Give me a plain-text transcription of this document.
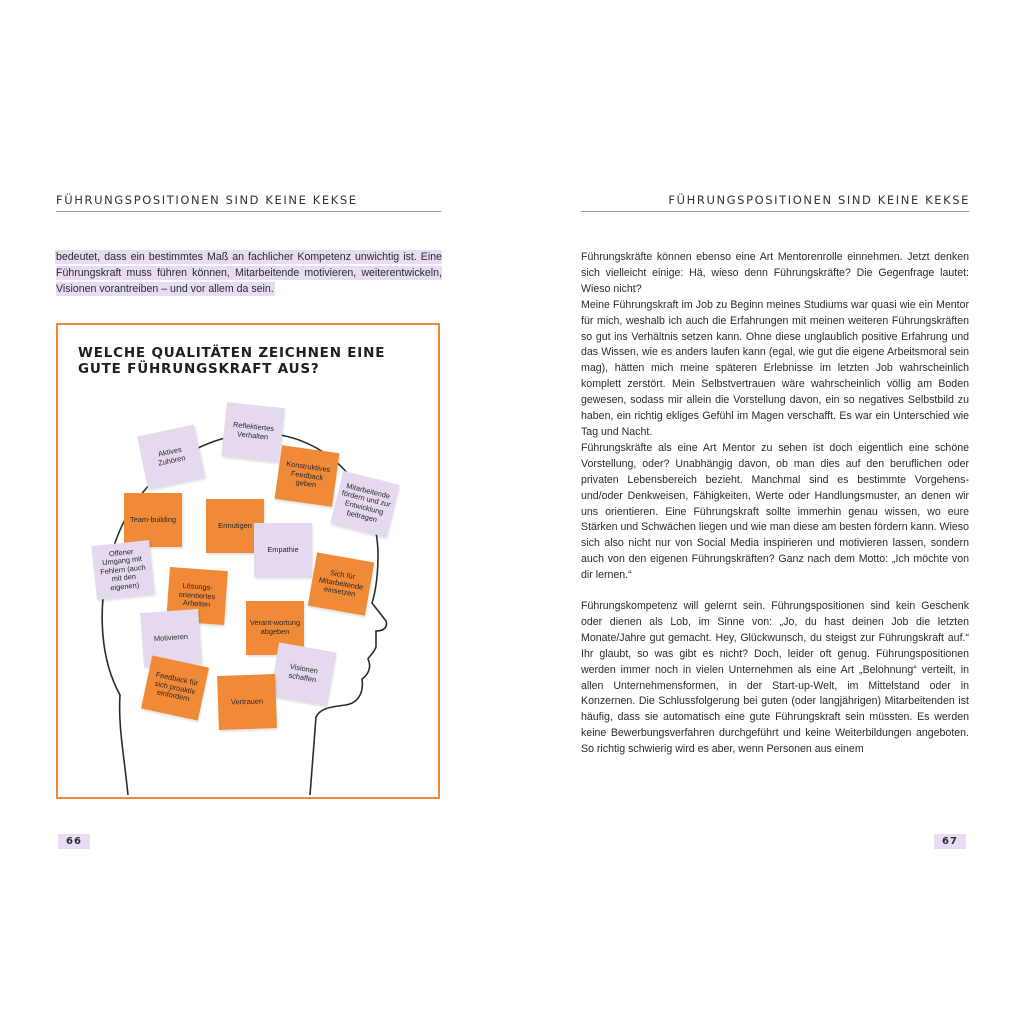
FÜHRUNGSPOSITIONEN SIND KEINE KEKSE	FÜHRUNGSPOSITIONEN SIND KEINE KEKSE

bedeutet, dass ein bestimmtes Maß an fachlicher Kompetenz unwichtig ist. Eine Führungskraft muss führen können, Mitarbeitende motivieren, weiterentwickeln, Visionen vorantreiben – und vor allem da sein.

WELCHE QUALITÄTEN ZEICHNEN EINE GUTE FÜHRUNGSKRAFT AUS?

Aktives Zuhören
Reflektiertes Verhalten
Konstruktives Feedback geben	Mitarbeitende fördern und zur Entwicklung beitragen
Team-building
Ermutigen
Empathie
Offener Umgang mit Fehlern (auch mit den eigenen)
Sich für Mitarbeitende einsetzen
Lösungs-orientiertes Arbeiten
Motivieren
Verant-wortung abgeben
Visionen schaffen
Feedback für sich proaktiv einfordern	Vertrauen
66

Führungskräfte können ebenso eine Art Mentorenrolle einnehmen. Jetzt denken sich vielleicht einige: Hä, wieso denn Führungskräfte? Die Gegenfrage lautet: Wieso nicht?

Meine Führungskraft im Job zu Beginn meines Studiums war quasi wie ein Mentor für mich, weshalb ich auch die Erfahrungen mit meinen weiteren Führungskräften so gut ins Verhältnis setzen kann. Ohne diese unglaublich positive Erfahrung und das Wissen, wie es anders laufen kann (egal, wie gut die eigene Arbeitsmoral sein mag), hätten mich meine späteren Erlebnisse im letzten Job wahrscheinlich komplett zerstört. Mein Selbstvertrauen wäre wahrscheinlich völlig am Boden gewesen, sodass mir allein die Vorstellung davon, ein so negatives Selbstbild zu haben, ein richtig ekliges Gefühl im Magen verschafft. Es war ein Unterschied wie Tag und Nacht.

Führungskräfte als eine Art Mentor zu sehen ist doch eigentlich eine schöne Vorstellung, oder? Unabhängig davon, ob man dies auf den beruflichen oder privaten Lebensbereich bezieht. Manchmal sind es bestimmte Vorgehens- und/oder Denkweisen, Fähigkeiten, Werte oder Handlungsmuster, an denen wir uns orientieren. Eine Führungskraft sollte immerhin genau wissen, wo eure Stärken und Schwächen liegen und wie man diese am besten fördern kann. Wieso sich also nicht nur von Social Media inspirieren und motivieren lassen, sondern auch von den eigenen Führungskräften? Ganz nach dem Motto: „Ich möchte von dir lernen.“

Führungskompetenz will gelernt sein. Führungspositionen sind kein Geschenk oder dienen als Lob, im Sinne von: „Jo, du hast deinen Job die letzten Monate/Jahre gut gemacht. Hey, Glückwunsch, du steigst zur Führungskraft auf.“ Ihr glaubt, so was gibt es nicht? Doch, leider oft genug. Führungspositionen werden immer noch in vielen Unternehmen als eine Art „Belohnung“ verteilt, in allen Unternehmensformen, in der Start-up-Welt, im Mittelstand oder in Konzernen. Die Schlussfolgerung bei guten (oder langjährigen) Mitarbeitenden ist häufig, dass sie automatisch eine gute Führungskraft sein müssten. Es werden keine Bewerbungsverfahren durchgeführt und keine Weiterbildungen angeboten. So richtig schwierig wird es aber, wenn Personen aus einem

67
